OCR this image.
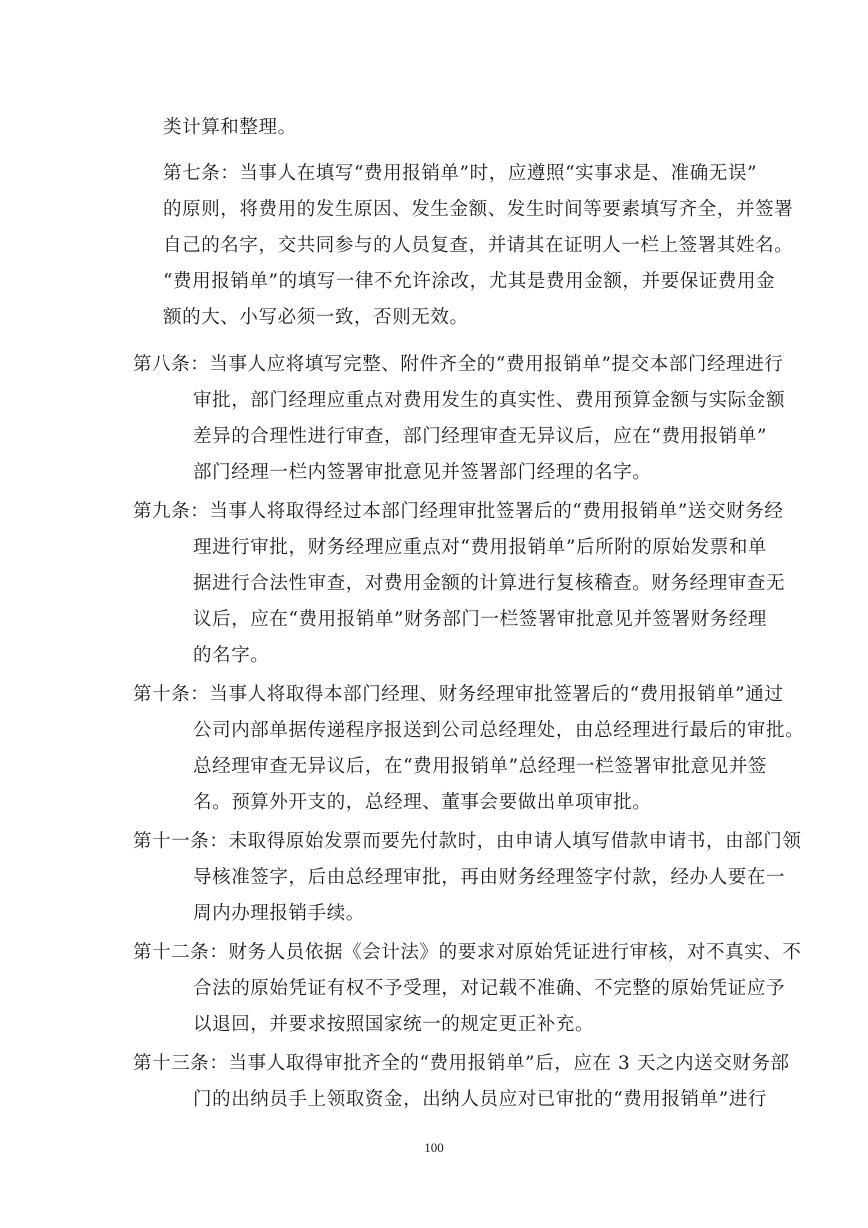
类计算和整理。
第七条：当事人在填写“费用报销单”时，应遵照“实事求是、准确无误”
的原则，将费用的发生原因、发生金额、发生时间等要素填写齐全，并签署
自己的名字，交共同参与的人员复查，并请其在证明人一栏上签署其姓名。
“费用报销单”的填写一律不允许涂改，尤其是费用金额，并要保证费用金
额的大、小写必须一致，否则无效。
第八条：当事人应将填写完整、附件齐全的“费用报销单”提交本部门经理进行
审批，部门经理应重点对费用发生的真实性、费用预算金额与实际金额
差异的合理性进行审查，部门经理审查无异议后，应在“费用报销单”
部门经理一栏内签署审批意见并签署部门经理的名字。
第九条：当事人将取得经过本部门经理审批签署后的“费用报销单”送交财务经
理进行审批，财务经理应重点对“费用报销单”后所附的原始发票和单
据进行合法性审查，对费用金额的计算进行复核稽查。财务经理审查无
议后，应在“费用报销单”财务部门一栏签署审批意见并签署财务经理
的名字。
第十条：当事人将取得本部门经理、财务经理审批签署后的“费用报销单”通过
公司内部单据传递程序报送到公司总经理处，由总经理进行最后的审批。
总经理审查无异议后，在“费用报销单”总经理一栏签署审批意见并签
名。预算外开支的，总经理、董事会要做出单项审批。
第十一条：未取得原始发票而要先付款时，由申请人填写借款申请书，由部门领
导核准签字，后由总经理审批，再由财务经理签字付款，经办人要在一
周内办理报销手续。
第十二条：财务人员依据《会计法》的要求对原始凭证进行审核，对不真实、不
合法的原始凭证有权不予受理，对记载不准确、不完整的原始凭证应予
以退回，并要求按照国家统一的规定更正补充。
第十三条：当事人取得审批齐全的“费用报销单”后，应在 3 天之内送交财务部
门的出纳员手上领取资金，出纳人员应对已审批的“费用报销单”进行
100
